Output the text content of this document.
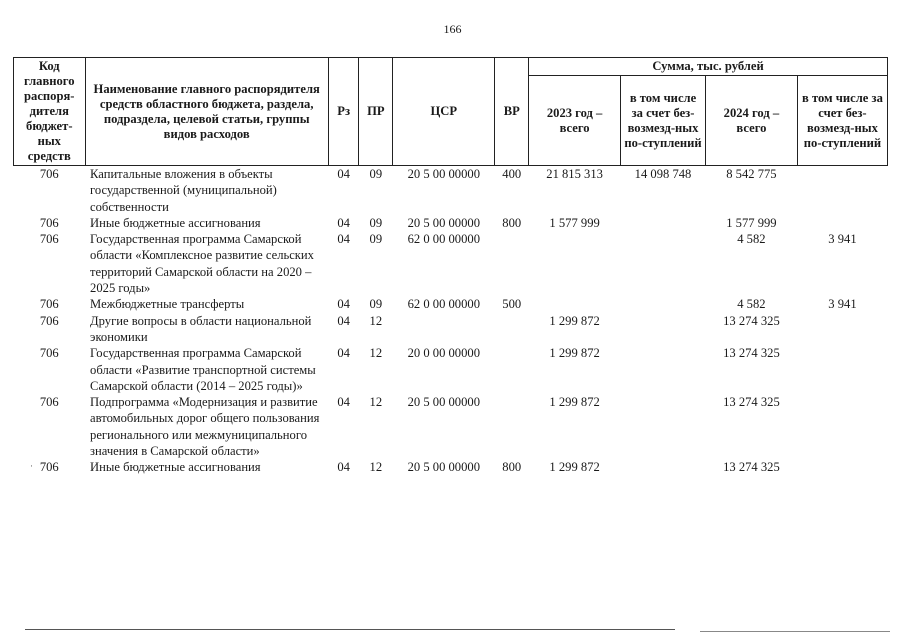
166
Код главного распоря-дителя бюджет-ных средств	Наименование главного распорядителя средств областного бюджета, раздела, подраздела, целевой статьи, группы видов расходов	Рз	ПР	ЦСР	ВР	Сумма, тыс. рублей			
						2023 год – всего	в том числе за счет без-возмезд-ных по-ступлений	2024 год – всего	в том числе за счет без-возмезд-ных по-ступлений
706	Капитальные вложения в объекты государственной (муниципальной) собственности	04	09	20 5 00 00000	400	21 815 313	14 098 748	8 542 775	
706	Иные бюджетные ассигнования	04	09	20 5 00 00000	800	1 577 999		1 577 999	
706	Государственная программа Самарской области «Комплексное развитие сельских территорий Самарской области на 2020 – 2025 годы»	04	09	62 0 00 00000				4 582	3 941
706	Межбюджетные трансферты	04	09	62 0 00 00000	500			4 582	3 941
706	Другие вопросы в области национальной экономики	04	12			1 299 872		13 274 325	
706	Государственная программа Самарской области «Развитие транспортной системы Самарской области (2014 – 2025 годы)»	04	12	20 0 00 00000		1 299 872		13 274 325	
706	Подпрограмма «Модернизация и развитие автомобильных дорог общего пользования регионального или межмуниципального значения в Самарской области»	04	12	20 5 00 00000		1 299 872		13 274 325	
706	Иные бюджетные ассигнования	04	12	20 5 00 00000	800	1 299 872		13 274 325	
·
